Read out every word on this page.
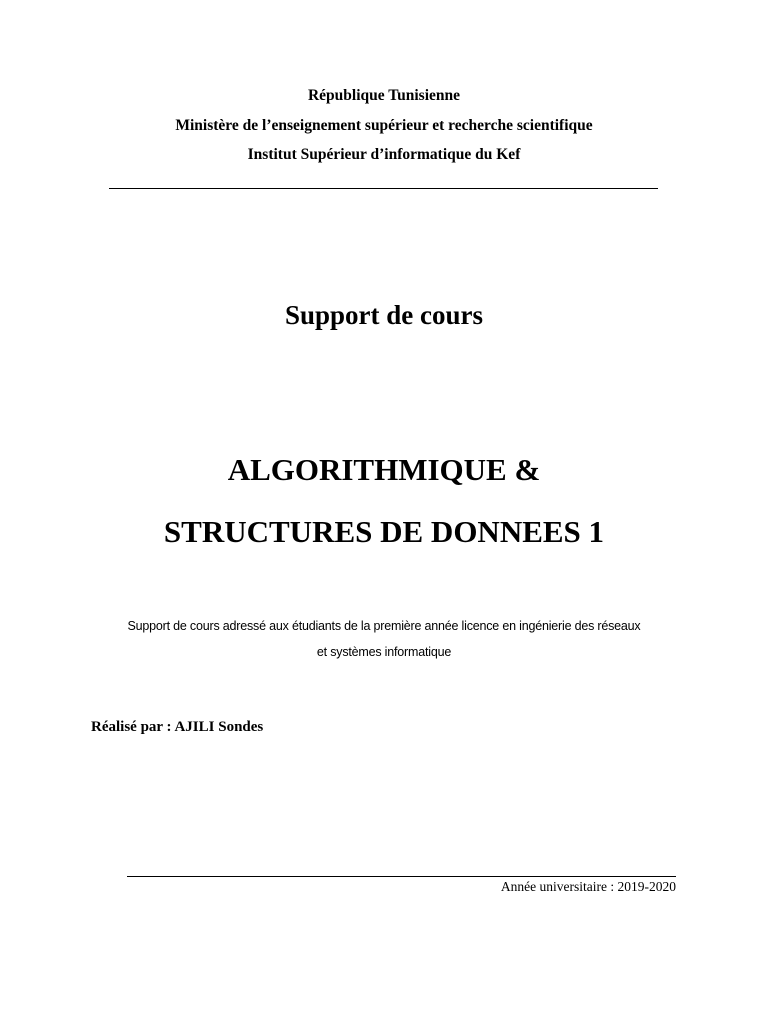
République Tunisienne
Ministère de l’enseignement supérieur et recherche scientifique
Institut Supérieur d’informatique du Kef
Support de cours
ALGORITHMIQUE &
STRUCTURES DE DONNEES 1
Support de cours adressé aux étudiants de la première année licence en ingénierie des réseaux
et systèmes informatique
Réalisé par : AJILI Sondes
Année universitaire : 2019-2020
